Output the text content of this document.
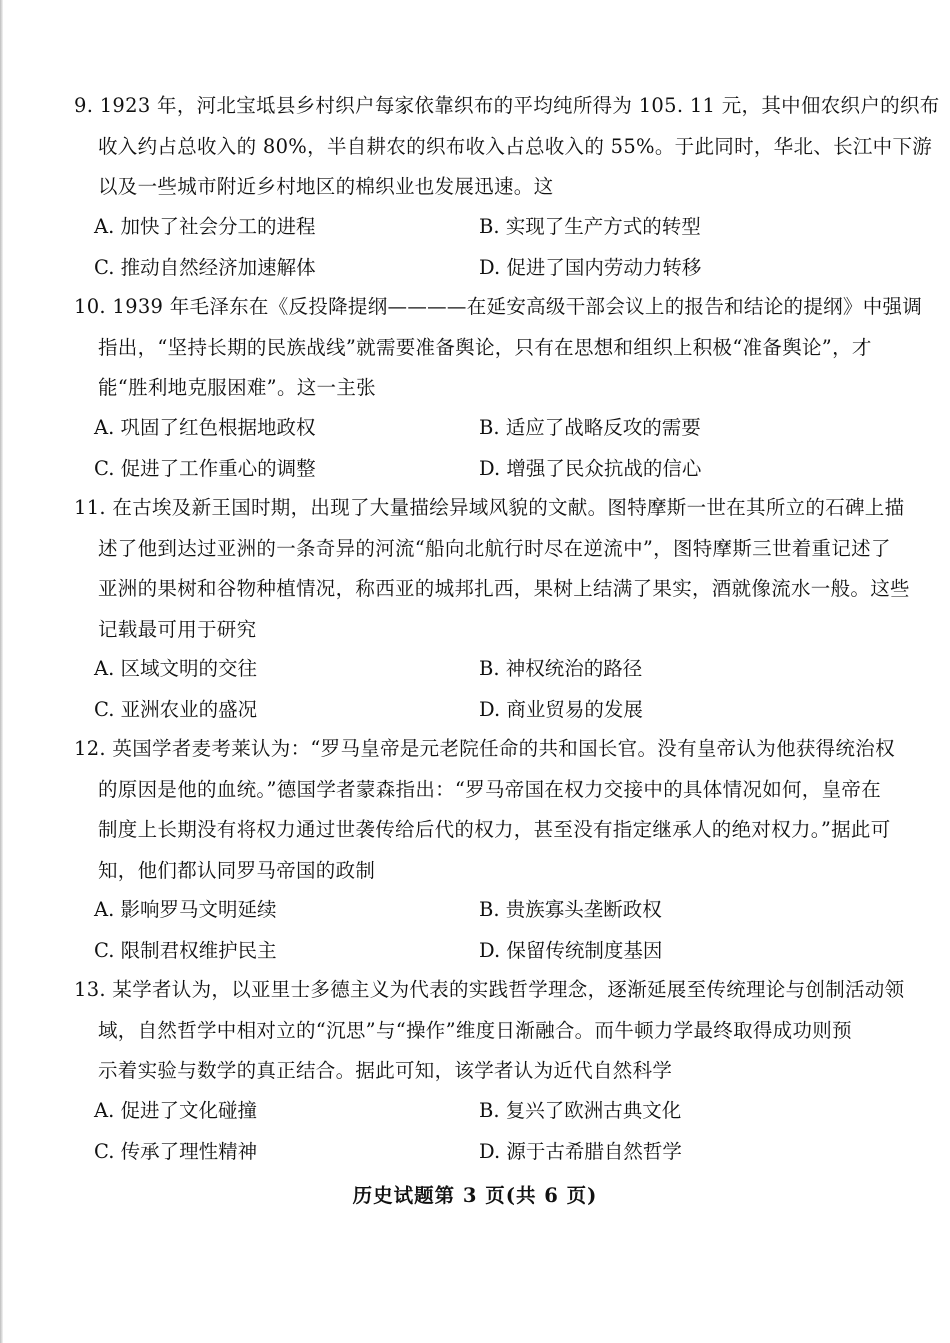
9. 1923 年，河北宝坻县乡村织户每家依靠织布的平均纯所得为 105. 11 元，其中佃农织户的织布
收入约占总收入的 80%，半自耕农的织布收入占总收入的 55%。于此同时，华北、长江中下游
以及一些城市附近乡村地区的棉织业也发展迅速。这
A. 加快了社会分工的进程	B. 实现了生产方式的转型
C. 推动自然经济加速解体	D. 促进了国内劳动力转移
10. 1939 年毛泽东在《反投降提纲————在延安高级干部会议上的报告和结论的提纲》中强调
指出，“坚持长期的民族战线”就需要准备舆论，只有在思想和组织上积极“准备舆论”，才
能“胜利地克服困难”。这一主张
A. 巩固了红色根据地政权	B. 适应了战略反攻的需要
C. 促进了工作重心的调整	D. 增强了民众抗战的信心
11. 在古埃及新王国时期，出现了大量描绘异域风貌的文献。图特摩斯一世在其所立的石碑上描
述了他到达过亚洲的一条奇异的河流“船向北航行时尽在逆流中”，图特摩斯三世着重记述了
亚洲的果树和谷物种植情况，称西亚的城邦扎西，果树上结满了果实，酒就像流水一般。这些
记载最可用于研究
A. 区域文明的交往	B. 神权统治的路径
C. 亚洲农业的盛况	D. 商业贸易的发展
12. 英国学者麦考莱认为：“罗马皇帝是元老院任命的共和国长官。没有皇帝认为他获得统治权
的原因是他的血统。”德国学者蒙森指出：“罗马帝国在权力交接中的具体情况如何，皇帝在
制度上长期没有将权力通过世袭传给后代的权力，甚至没有指定继承人的绝对权力。”据此可
知，他们都认同罗马帝国的政制
A. 影响罗马文明延续	B. 贵族寡头垄断政权
C. 限制君权维护民主	D. 保留传统制度基因
13. 某学者认为，以亚里士多德主义为代表的实践哲学理念，逐渐延展至传统理论与创制活动领
域，自然哲学中相对立的“沉思”与“操作”维度日渐融合。而牛顿力学最终取得成功则预
示着实验与数学的真正结合。据此可知，该学者认为近代自然科学
A. 促进了文化碰撞	B. 复兴了欧洲古典文化
C. 传承了理性精神	D. 源于古希腊自然哲学
历史试题第 3 页(共 6 页)
